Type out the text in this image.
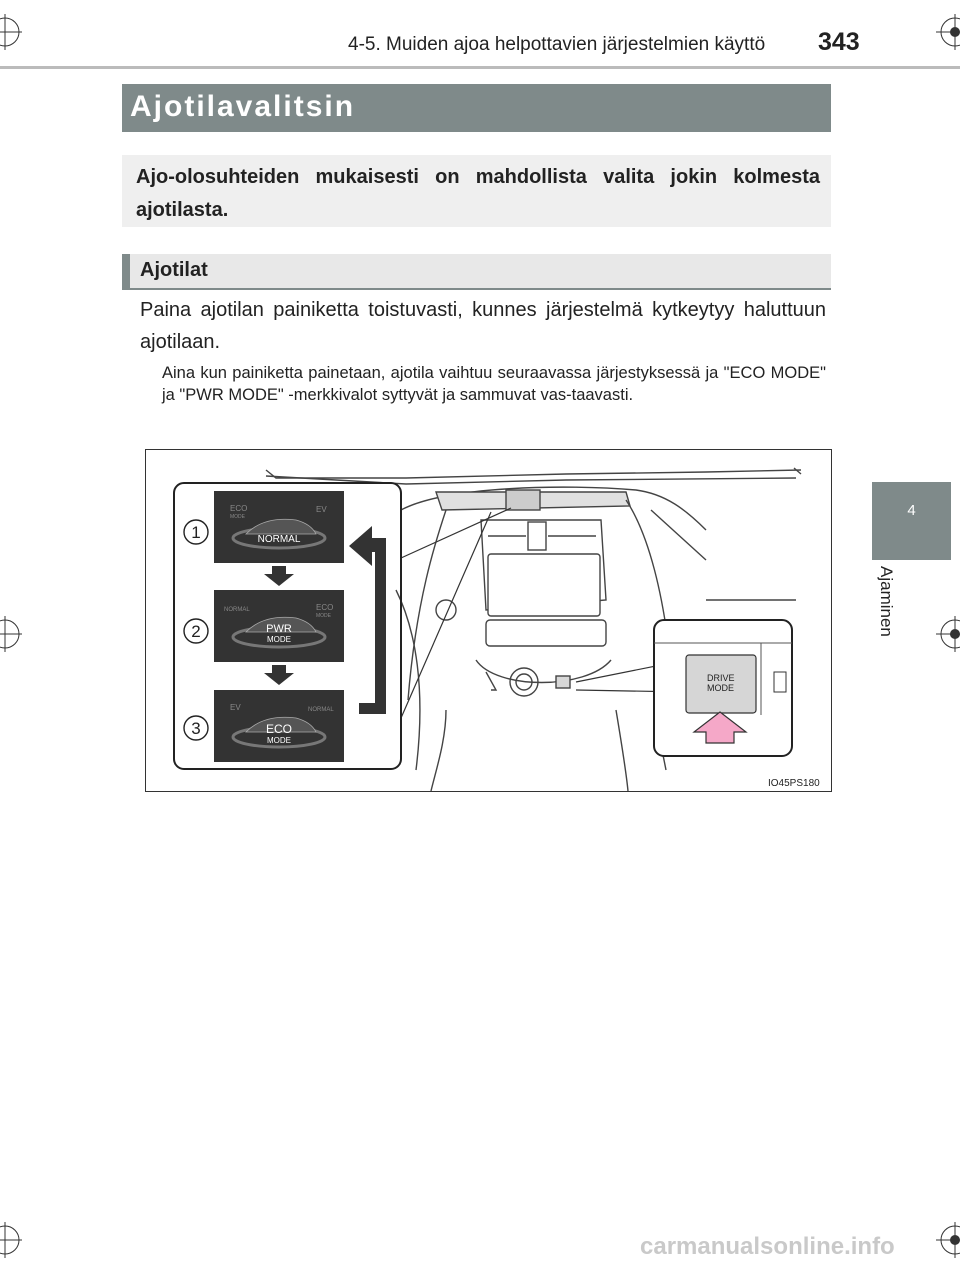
4-5. Muiden ajoa helpottavien järjestelmien käyttö 343
Ajotilavalitsin
Ajo-olosuhteiden mukaisesti on mahdollista valita jokin kolmesta ajotilasta.
Ajotilat
Paina ajotilan painiketta toistuvasti, kunnes järjestelmä kytkeytyy haluttuun ajotilaan.
Aina kun painiketta painetaan, ajotila vaihtuu seuraavassa järjestyksessä ja "ECO MODE" ja "PWR MODE" -merkkivalot syttyvät ja sammuvat vas-taavasti.
1
2
3
ECO
MODE
EV
NORMAL
NORMAL	ECO
MODE
PWR
MODE
EV	NORMAL
ECO
MODE
DRIVE
MODE
IO45PS180
4
Ajaminen
carmanualsonline.info
